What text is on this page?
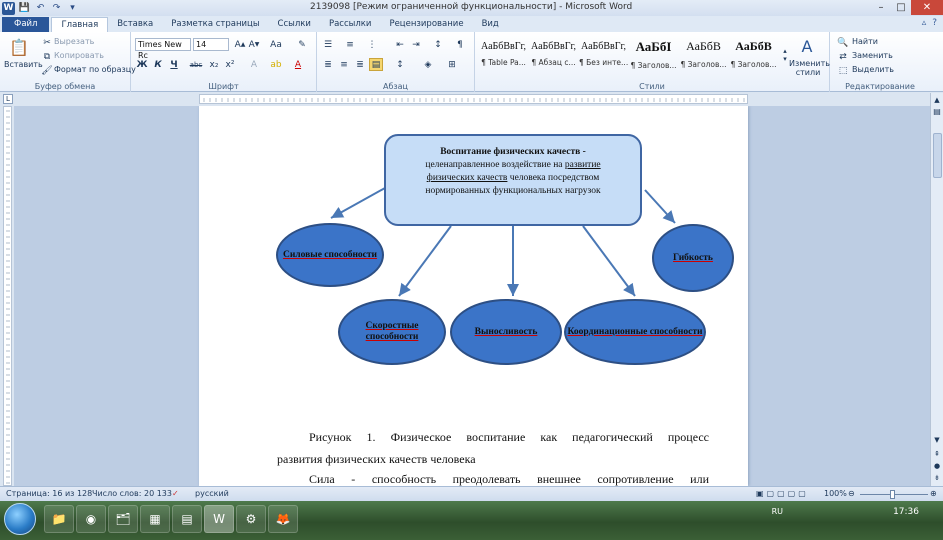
W 💾 ↶ ↷	▾	2139098 [Режим ограниченной функциональности] - Microsoft Word	–	□	✕
Файл	Главная	Вставка	Разметка страницы	Ссылки	Рассылки	Рецензирование	Вид	▵ ?
📋
Вставить
✂ Вырезать
⧉ Копировать
🖌 Формат по образцу
Буфер обмена
Times New Rc
14	A ▲ A ▼ Aa	✎
Ж К Ч	abc x₂ x²	A	ab	A
Шрифт
☰	≡	⋮	⇤ ⇥	↕	¶
≣ ≡ ≣ ▤	↕	◈	⊞
Абзац
АаБбВвГг,
¶ Table Pa...
АаБбВвГг,
¶ Абзац с...
АаБбВвГг,
¶ Без инте...
АаБбI
¶ Заголов...
АаБбВ
¶ Заголов...
АаБбВ
¶ Заголов...
▴
▾
A
Изменить стили
Стили
🔍 Найти
⇄ Заменить
⬚ Выделить
Редактирование
L
Воспитание физических качеств -
целенаправленное воздействие на развитие
физических качеств человека посредством
нормированных функциональных нагрузок
Силовые способности	Гибкость
Скоростные способности
Выносливость	Координационные способности
Рисунок 1. Физическое воспитание как педагогический процесс
развития физических качеств человека
Сила - способность преодолевать внешнее сопротивление или
▲
▤
▼
⇞
●
⇟
Страница: 16 из 128 Число слов: 20 133 ✓ русский	▣▢▢▢▢ 100% ⊖	⊕
📁	◉	🗂	▦	▤	W	⚙	🦊
RU	17:36
